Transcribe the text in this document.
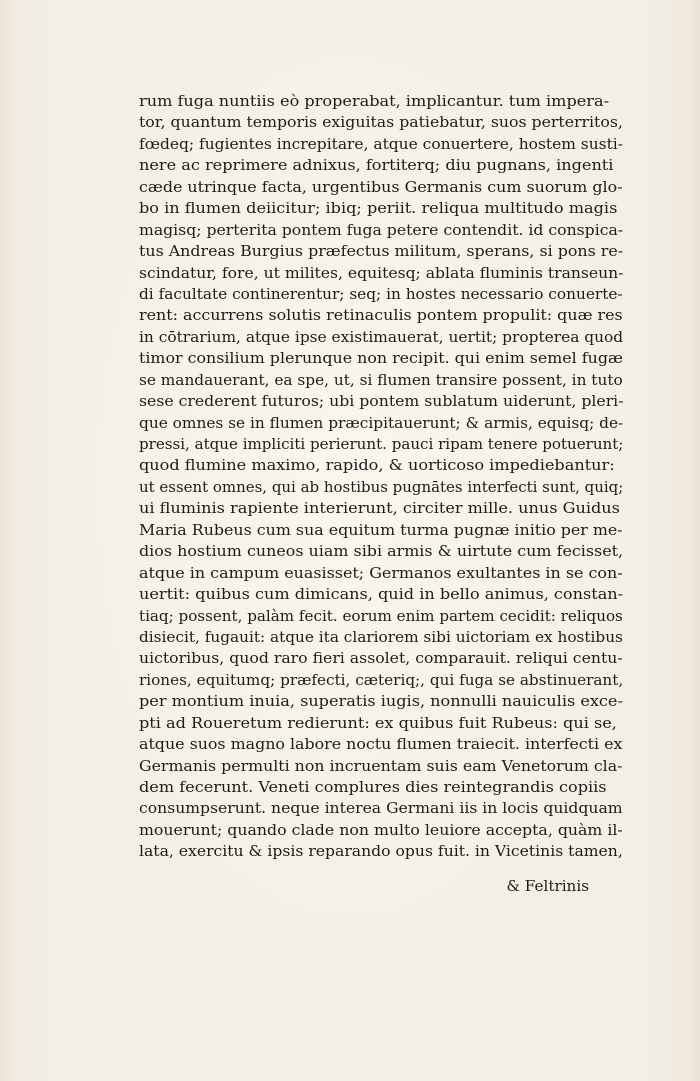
rum fuga nuntiis eò properabat, implicantur. tum impera-
tor, quantum temporis exiguitas patiebatur, suos perterritos,
fœdeq; fugientes increpitare, atque conuertere, hostem susti-
nere ac reprimere adnixus, fortiterq; diu pugnans, ingenti
cæde utrinque facta, urgentibus Germanis cum suorum glo-
bo in flumen deiicitur; ibiq; periit. reliqua multitudo magis
magisq; perterita pontem fuga petere contendit. id conspica-
tus Andreas Burgius præfectus militum, sperans, si pons re-
scindatur, fore, ut milites, equitesq; ablata fluminis transeun-
di facultate continerentur; seq; in hostes necessario conuerte-
rent: accurrens solutis retinaculis pontem propulit: quæ res
in cōtrarium, atque ipse existimauerat, uertit; propterea quod
timor consilium plerunque non recipit. qui enim semel fugæ
se mandauerant, ea spe, ut, si flumen transire possent, in tuto
sese crederent futuros; ubi pontem sublatum uiderunt, pleri-
que omnes se in flumen præcipitauerunt; & armis, equisq; de-
pressi, atque impliciti perierunt. pauci ripam tenere potuerunt;
quod flumine maximo, rapido, & uorticoso impediebantur:
ut essent omnes, qui ab hostibus pugnātes interfecti sunt, quiq;
ui fluminis rapiente interierunt, circiter mille. unus Guidus
Maria Rubeus cum sua equitum turma pugnæ initio per me-
dios hostium cuneos uiam sibi armis & uirtute cum fecisset,
atque in campum euasisset; Germanos exultantes in se con-
uertit: quibus cum dimicans, quid in bello animus, constan-
tiaq; possent, palàm fecit. eorum enim partem cecidit: reliquos
disiecit, fugauit: atque ita clariorem sibi uictoriam ex hostibus
uictoribus, quod raro fieri assolet, comparauit. reliqui centu-
riones, equitumq; præfecti, cæteriq;, qui fuga se abstinuerant,
per montium inuia, superatis iugis, nonnulli nauiculis exce-
pti ad Roueretum redierunt: ex quibus fuit Rubeus: qui se,
atque suos magno labore noctu flumen traiecit. interfecti ex
Germanis permulti non incruentam suis eam Venetorum cla-
dem fecerunt. Veneti complures dies reintegrandis copiis
consumpserunt. neque interea Germani iis in locis quidquam
mouerunt; quando clade non multo leuiore accepta, quàm il-
lata, exercitu & ipsis reparando opus fuit. in Vicetinis tamen,
& Feltrinis
